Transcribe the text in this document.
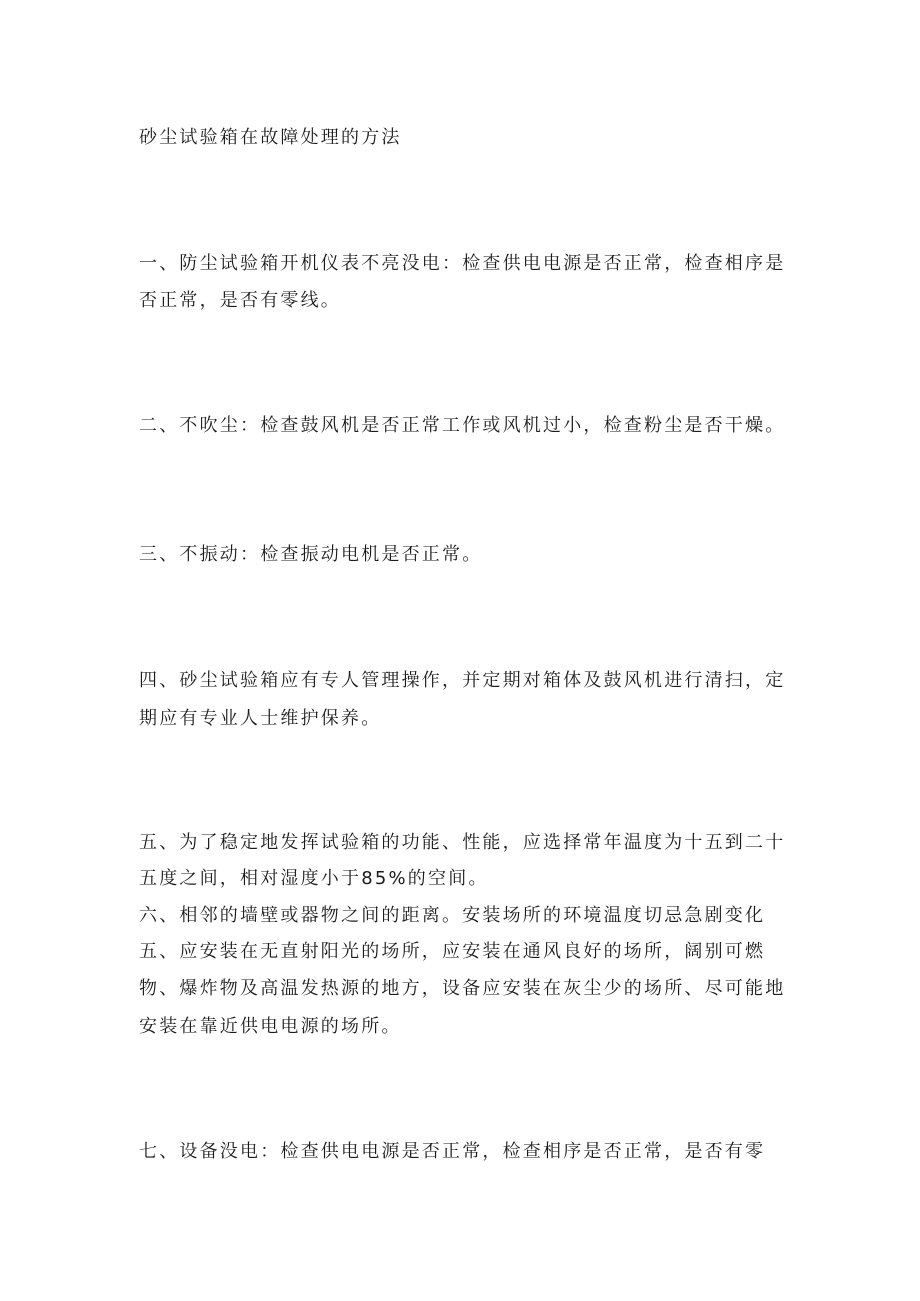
砂尘试验箱在故障处理的方法
一、防尘试验箱开机仪表不亮没电：检查供电电源是否正常，检查相序是
否正常，是否有零线。
二、不吹尘：检查鼓风机是否正常工作或风机过小，检查粉尘是否干燥。
三、不振动：检查振动电机是否正常。
四、砂尘试验箱应有专人管理操作，并定期对箱体及鼓风机进行清扫，定
期应有专业人士维护保养。
五、为了稳定地发挥试验箱的功能、性能，应选择常年温度为十五到二十
五度之间，相对湿度小于85%的空间。
六、相邻的墙壁或器物之间的距离。安装场所的环境温度切忌急剧变化
五、应安装在无直射阳光的场所，应安装在通风良好的场所，阔别可燃
物、爆炸物及高温发热源的地方，设备应安装在灰尘少的场所、尽可能地
安装在靠近供电电源的场所。
七、设备没电：检查供电电源是否正常，检查相序是否正常，是否有零
